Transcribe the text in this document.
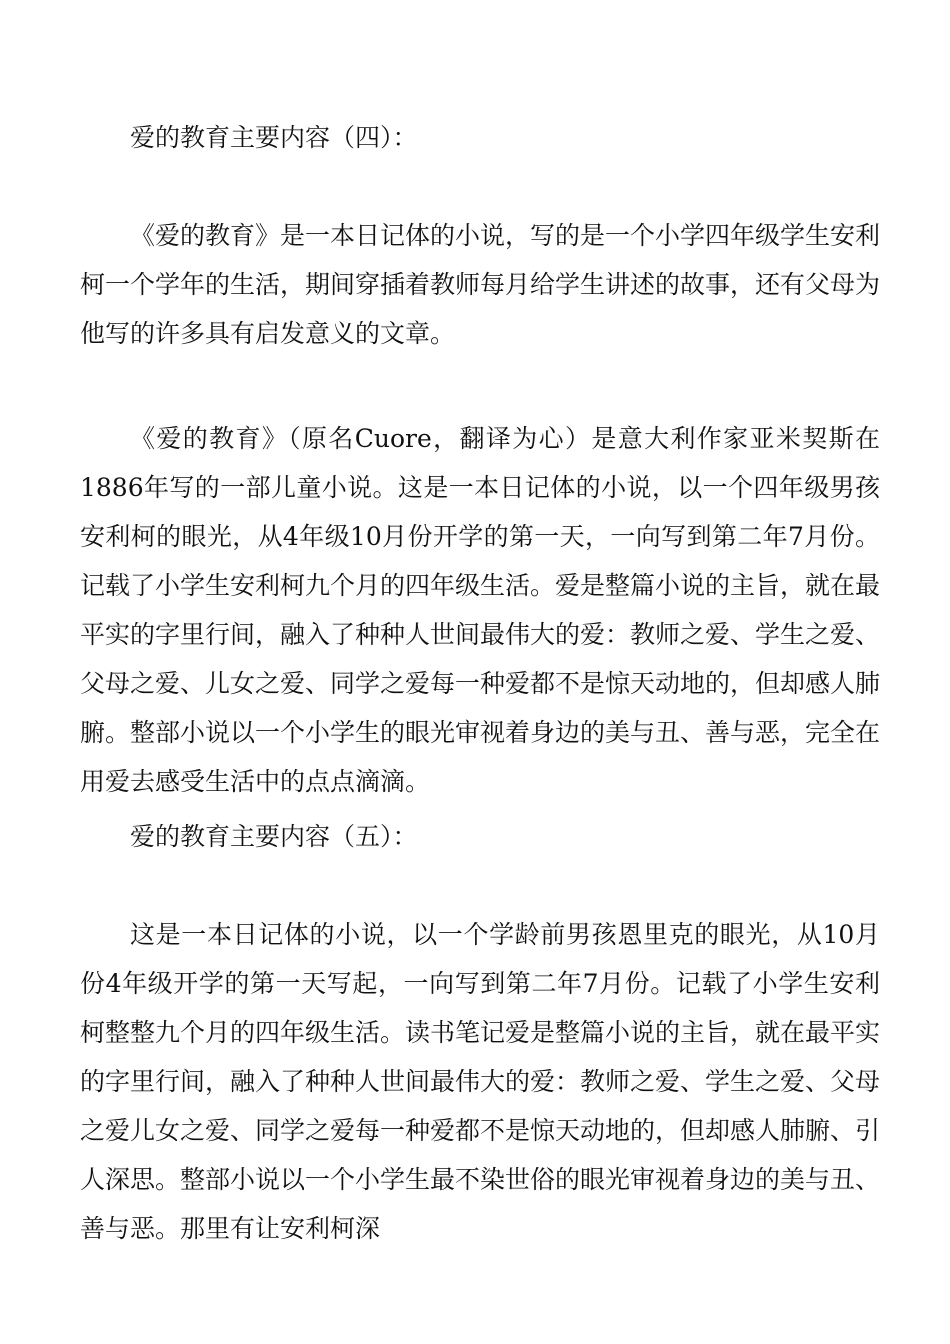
爱的教育主要内容（四）：

《爱的教育》是一本日记体的小说，写的是一个小学四年级学生安利柯一个学年的生活，期间穿插着教师每月给学生讲述的故事，还有父母为他写的许多具有启发意义的文章。

《爱的教育》（原名Cuore，翻译为心）是意大利作家亚米契斯在1886年写的一部儿童小说。这是一本日记体的小说，以一个四年级男孩安利柯的眼光，从4年级10月份开学的第一天，一向写到第二年7月份。记载了小学生安利柯九个月的四年级生活。爱是整篇小说的主旨，就在最平实的字里行间，融入了种种人世间最伟大的爱：教师之爱、学生之爱、父母之爱、儿女之爱、同学之爱每一种爱都不是惊天动地的，但却感人肺腑。整部小说以一个小学生的眼光审视着身边的美与丑、善与恶，完全在用爱去感受生活中的点点滴滴。

爱的教育主要内容（五）：

这是一本日记体的小说，以一个学龄前男孩恩里克的眼光，从10月份4年级开学的第一天写起，一向写到第二年7月份。记载了小学生安利柯整整九个月的四年级生活。读书笔记爱是整篇小说的主旨，就在最平实的字里行间，融入了种种人世间最伟大的爱：教师之爱、学生之爱、父母之爱儿女之爱、同学之爱每一种爱都不是惊天动地的，但却感人肺腑、引人深思。整部小说以一个小学生最不染世俗的眼光审视着身边的美与丑、善与恶。那里有让安利柯深
